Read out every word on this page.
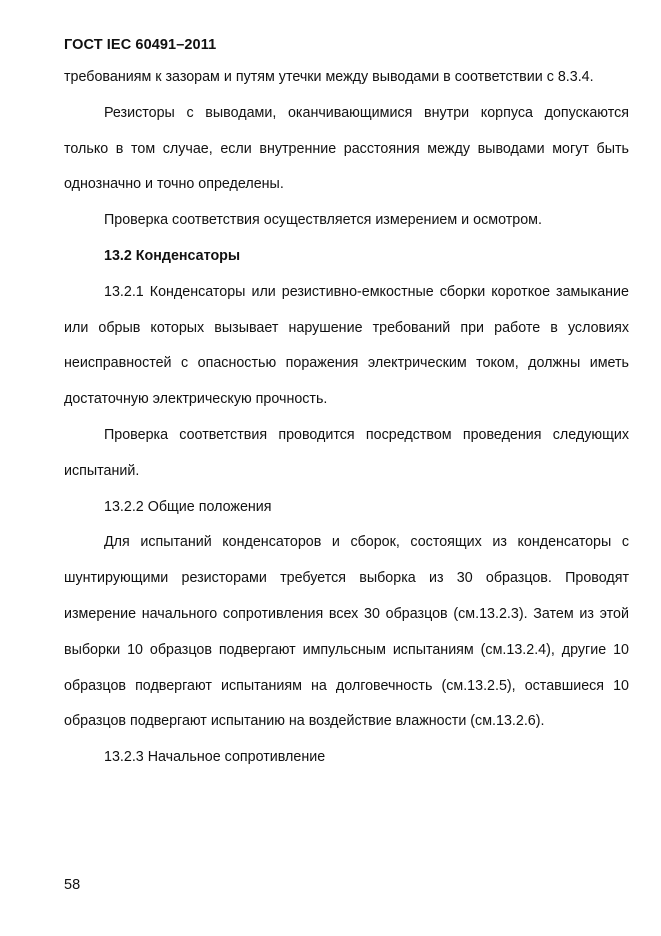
ГОСТ IEC 60491–2011

требованиям к зазорам и путям утечки между выводами в соответствии с 8.3.4.

Резисторы с выводами, оканчивающимися внутри корпуса допускаются только в том случае, если внутренние расстояния между выводами могут быть однозначно и точно определены.

Проверка соответствия осуществляется измерением и осмотром.

13.2 Конденсаторы

13.2.1 Конденсаторы или резистивно-емкостные сборки короткое замыкание или обрыв которых вызывает нарушение требований при работе в условиях неисправностей с опасностью поражения электрическим током, должны иметь достаточную электрическую прочность.

Проверка соответствия проводится посредством проведения следующих испытаний.

13.2.2 Общие положения

Для испытаний конденсаторов и сборок, состоящих из конденсаторы с шунтирующими резисторами требуется выборка из 30 образцов. Проводят измерение начального сопротивления всех 30 образцов (см.13.2.3). Затем из этой выборки 10 образцов подвергают импульсным испытаниям (см.13.2.4), другие 10 образцов подвергают испытаниям на долговечность (см.13.2.5), оставшиеся 10 образцов подвергают испытанию на воздействие влажности (см.13.2.6).

13.2.3 Начальное сопротивление

58
